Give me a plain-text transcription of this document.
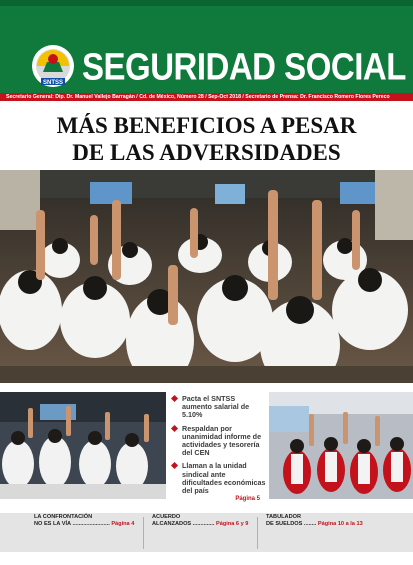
SNTSS SEGURIDAD SOCIAL
Secretario General: Dip. Dr. Manuel Vallejo Barragán / Cd. de México, Número 28 / Sep-Oct 2018 / Secretario de Prensa: Dr. Francisco Romero Flores Pereco
MÁS BENEFICIOS A PESAR
DE LAS ADVERSIDADES
Pacta el SNTSS aumento salarial de 5.10%
Respaldan por unanimidad informe de actividades y tesorería del CEN
Llaman a la unidad sindical ante dificultades económicas del país
Página 5
LA CONFRONTACIÓN
NO ES LA VÍA ........................ Página 4
ACUERDO
ALCANZADOS .............. Página 6 y 9
TABULADOR
DE SUELDOS ........ Página 10 a la 13
